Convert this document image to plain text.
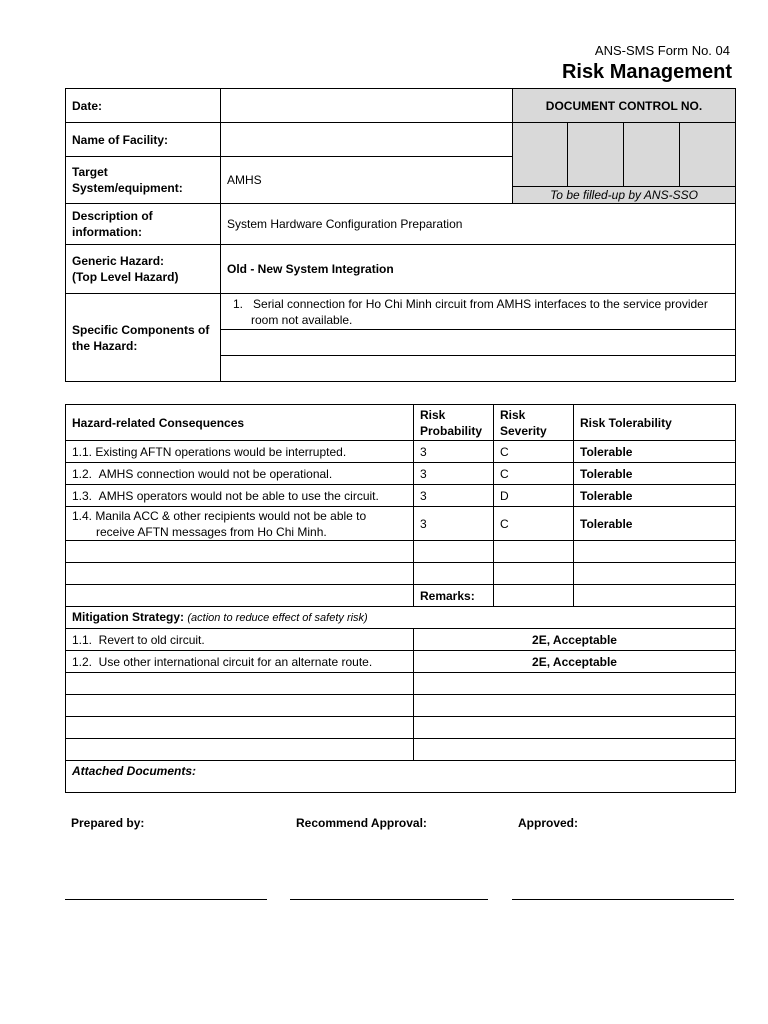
ANS-SMS Form No. 04
Risk Management
Date:		DOCUMENT CONTROL NO.			
Name of Facility:					

Target
System/equipment:	AMHS				
		To be filled-up by ANS-SSO			

Description of
information:	System Hardware Configuration Preparation				

Generic Hazard:
(Top Level Hazard)	Old - New System Integration				

Specific Components of
the Hazard:	1.   Serial connection for Ho Chi Minh circuit from AMHS interfaces to the service provider room not available.				

Hazard-related Consequences	Risk Probability	Risk Severity	Risk Tolerability
1.1. Existing AFTN operations would be interrupted.	3	C	Tolerable
1.2.  AMHS connection would not be operational.	3	C	Tolerable
1.3.  AMHS operators would not be able to use the circuit.	3	D	Tolerable
1.4. Manila ACC & other recipients would not be able to receive AFTN messages from Ho Chi Minh.	3	C	Tolerable

	Remarks:		
Mitigation Strategy: (action to reduce effect of safety risk)			
1.1.  Revert to old circuit.	2E, Acceptable		
1.2.  Use other international circuit for an alternate route.	2E, Acceptable		

Attached Documents:			
Prepared by:	Recommend Approval:	Approved:
